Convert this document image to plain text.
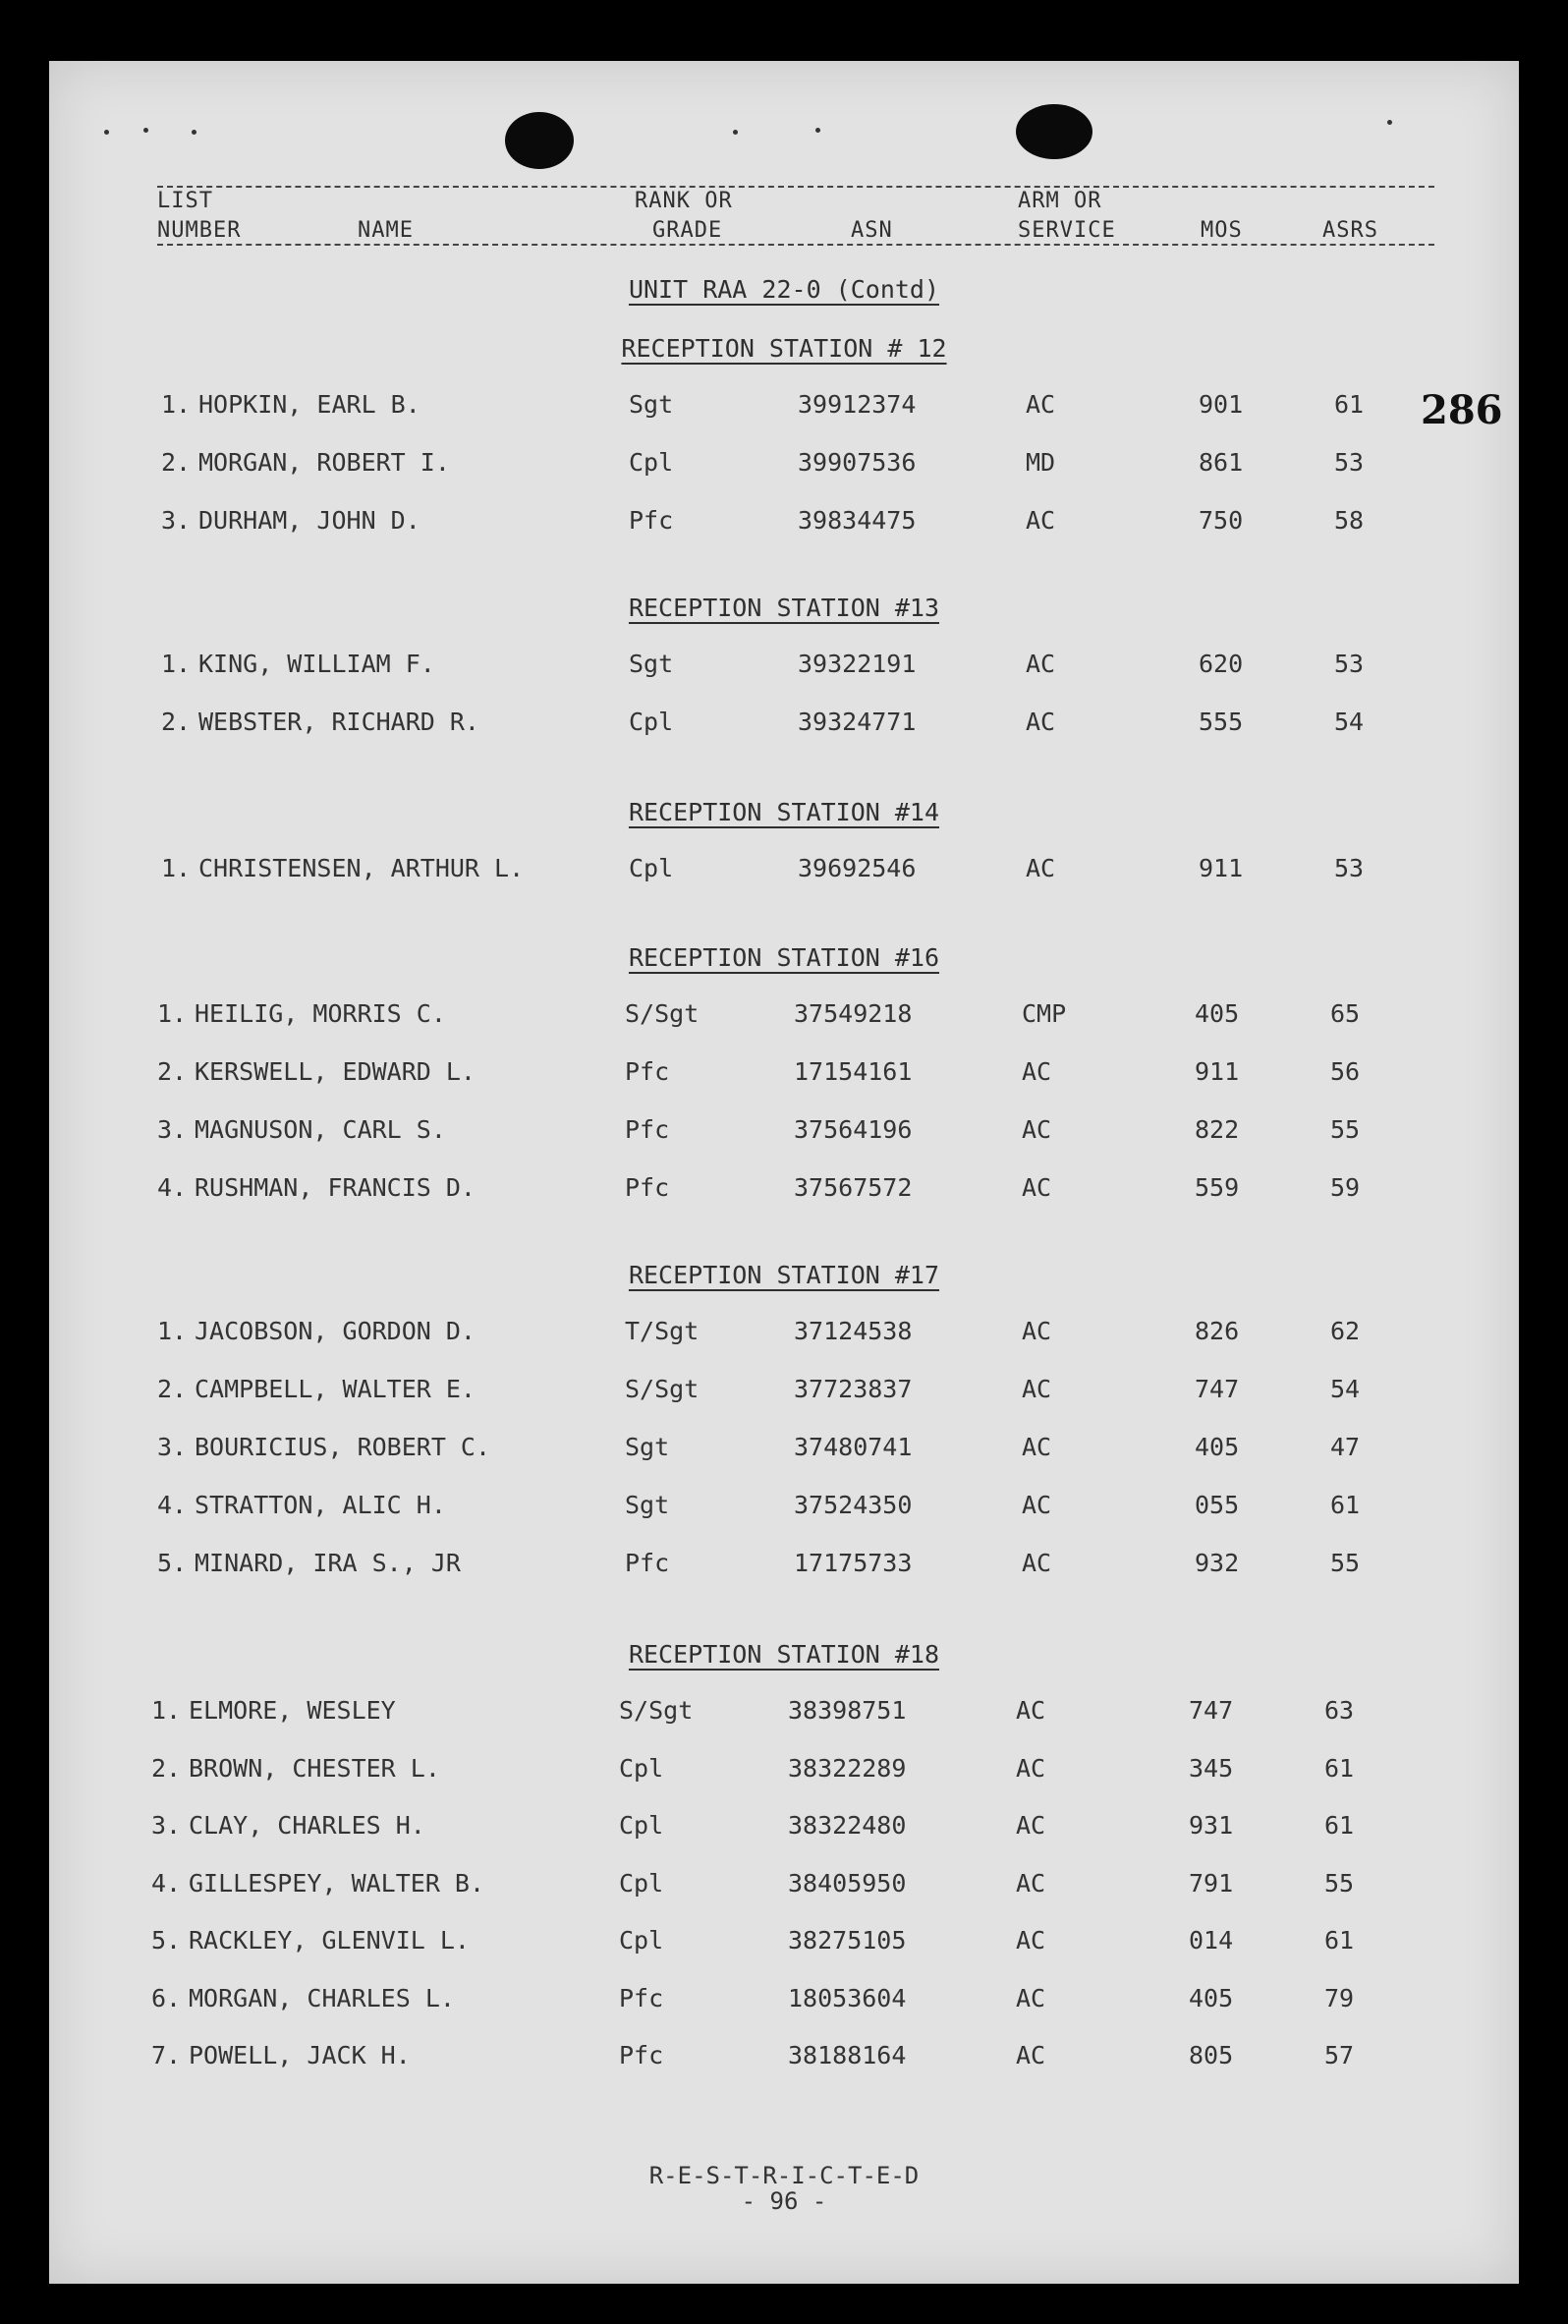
LIST
NUMBER	NAME
RANK OR
GRADE	ASN
ARM OR
SERVICE	MOS	ASRS
286
UNIT RAA 22-0 (Contd)
RECEPTION STATION # 12
1. HOPKIN, EARL B.	Sgt	39912374	AC	901	61
2. MORGAN, ROBERT I.	Cpl	39907536	MD	861	53
3. DURHAM, JOHN D.	Pfc	39834475	AC	750	58
RECEPTION STATION #13
1. KING, WILLIAM F.	Sgt	39322191	AC	620	53
2. WEBSTER, RICHARD R.	Cpl	39324771	AC	555	54
RECEPTION STATION #14
1. CHRISTENSEN, ARTHUR L.	Cpl	39692546	AC	911	53
RECEPTION STATION #16
1. HEILIG, MORRIS C.	S/Sgt	37549218	CMP	405	65
2. KERSWELL, EDWARD L.	Pfc	17154161	AC	911	56
3. MAGNUSON, CARL S.	Pfc	37564196	AC	822	55
4. RUSHMAN, FRANCIS D.	Pfc	37567572	AC	559	59
RECEPTION STATION #17
1. JACOBSON, GORDON D.	T/Sgt	37124538	AC	826	62
2. CAMPBELL, WALTER E.	S/Sgt	37723837	AC	747	54
3. BOURICIUS, ROBERT C.	Sgt	37480741	AC	405	47
4. STRATTON, ALIC H.	Sgt	37524350	AC	055	61
5. MINARD, IRA S., JR	Pfc	17175733	AC	932	55
RECEPTION STATION #18
1. ELMORE, WESLEY	S/Sgt	38398751	AC	747	63
2. BROWN, CHESTER L.	Cpl	38322289	AC	345	61
3. CLAY, CHARLES H.	Cpl	38322480	AC	931	61
4. GILLESPEY, WALTER B.	Cpl	38405950	AC	791	55
5. RACKLEY, GLENVIL L.	Cpl	38275105	AC	014	61
6. MORGAN, CHARLES L.	Pfc	18053604	AC	405	79
7. POWELL, JACK H.	Pfc	38188164	AC	805	57
R-E-S-T-R-I-C-T-E-D
- 96 -
